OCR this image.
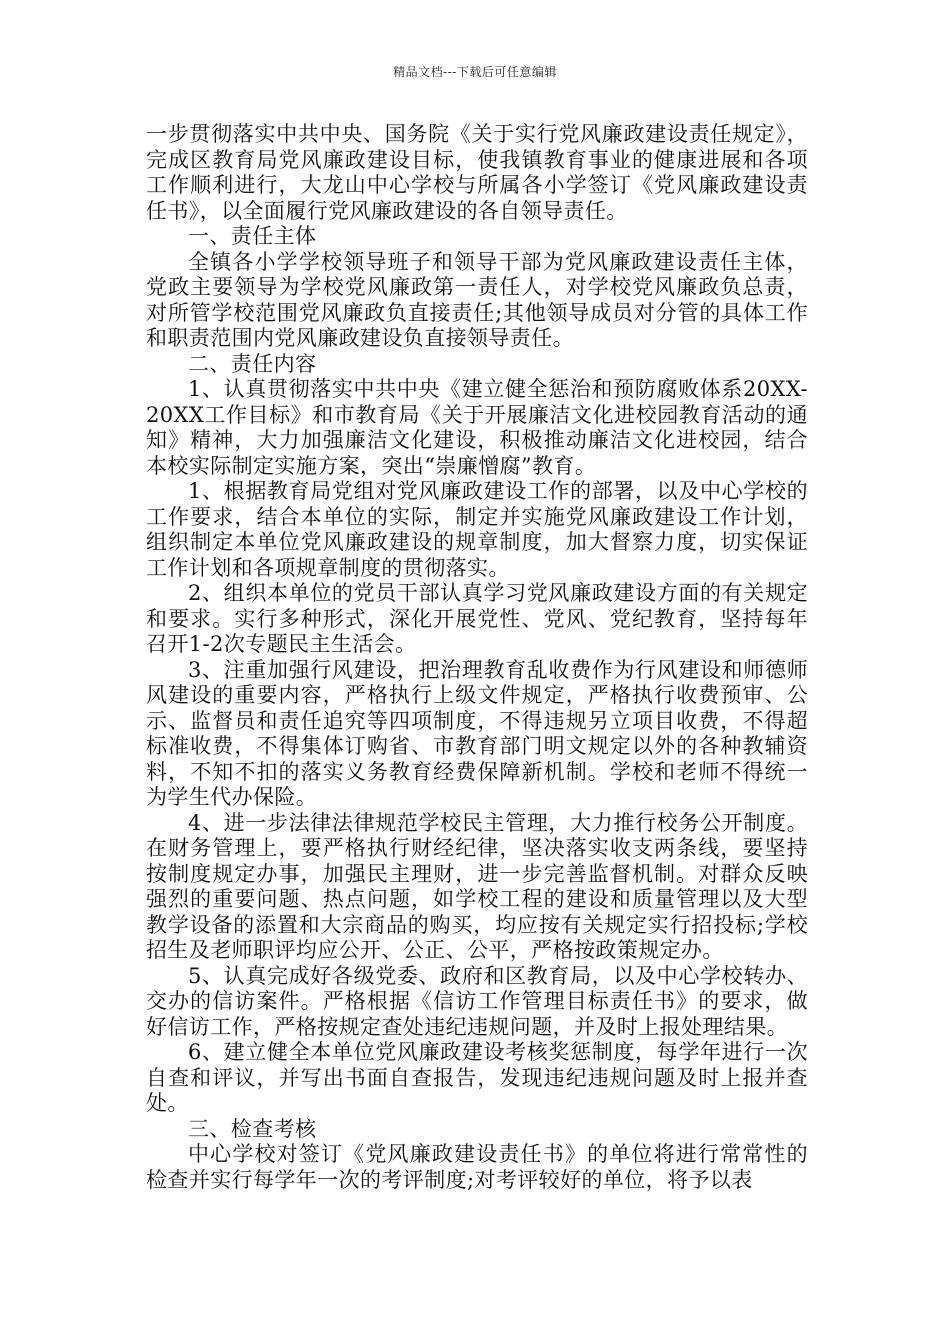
精品文档---下载后可任意编辑

一步贯彻落实中共中央、国务院《关于实行党风廉政建设责任规定》，完成区教育局党风廉政建设目标，使我镇教育事业的健康进展和各项工作顺利进行，大龙山中心学校与所属各小学签订《党风廉政建设责任书》，以全面履行党风廉政建设的各自领导责任。

一、责任主体

全镇各小学学校领导班子和领导干部为党风廉政建设责任主体，党政主要领导为学校党风廉政第一责任人，对学校党风廉政负总责，对所管学校范围党风廉政负直接责任;其他领导成员对分管的具体工作和职责范围内党风廉政建设负直接领导责任。

二、责任内容

1、认真贯彻落实中共中央《建立健全惩治和预防腐败体系20XX-20XX工作目标》和市教育局《关于开展廉洁文化进校园教育活动的通知》精神，大力加强廉洁文化建设，积极推动廉洁文化进校园，结合本校实际制定实施方案，突出“崇廉憎腐”教育。

1、根据教育局党组对党风廉政建设工作的部署，以及中心学校的工作要求，结合本单位的实际，制定并实施党风廉政建设工作计划，组织制定本单位党风廉政建设的规章制度，加大督察力度，切实保证工作计划和各项规章制度的贯彻落实。

2、组织本单位的党员干部认真学习党风廉政建设方面的有关规定和要求。实行多种形式，深化开展党性、党风、党纪教育，坚持每年召开1-2次专题民主生活会。

3、注重加强行风建设，把治理教育乱收费作为行风建设和师德师风建设的重要内容，严格执行上级文件规定，严格执行收费预审、公示、监督员和责任追究等四项制度，不得违规另立项目收费，不得超标准收费，不得集体订购省、市教育部门明文规定以外的各种教辅资料，不知不扣的落实义务教育经费保障新机制。学校和老师不得统一为学生代办保险。

4、进一步法律法律规范学校民主管理，大力推行校务公开制度。在财务管理上，要严格执行财经纪律，坚决落实收支两条线，要坚持按制度规定办事，加强民主理财，进一步完善监督机制。对群众反映强烈的重要问题、热点问题，如学校工程的建设和质量管理以及大型教学设备的添置和大宗商品的购买，均应按有关规定实行招投标;学校招生及老师职评均应公开、公正、公平，严格按政策规定办。

5、认真完成好各级党委、政府和区教育局，以及中心学校转办、交办的信访案件。严格根据《信访工作管理目标责任书》的要求，做好信访工作，严格按规定查处违纪违规问题，并及时上报处理结果。

6、建立健全本单位党风廉政建设考核奖惩制度，每学年进行一次自查和评议，并写出书面自查报告，发现违纪违规问题及时上报并查处。

三、检查考核

中心学校对签订《党风廉政建设责任书》的单位将进行常常性的检查并实行每学年一次的考评制度;对考评较好的单位，将予以表
